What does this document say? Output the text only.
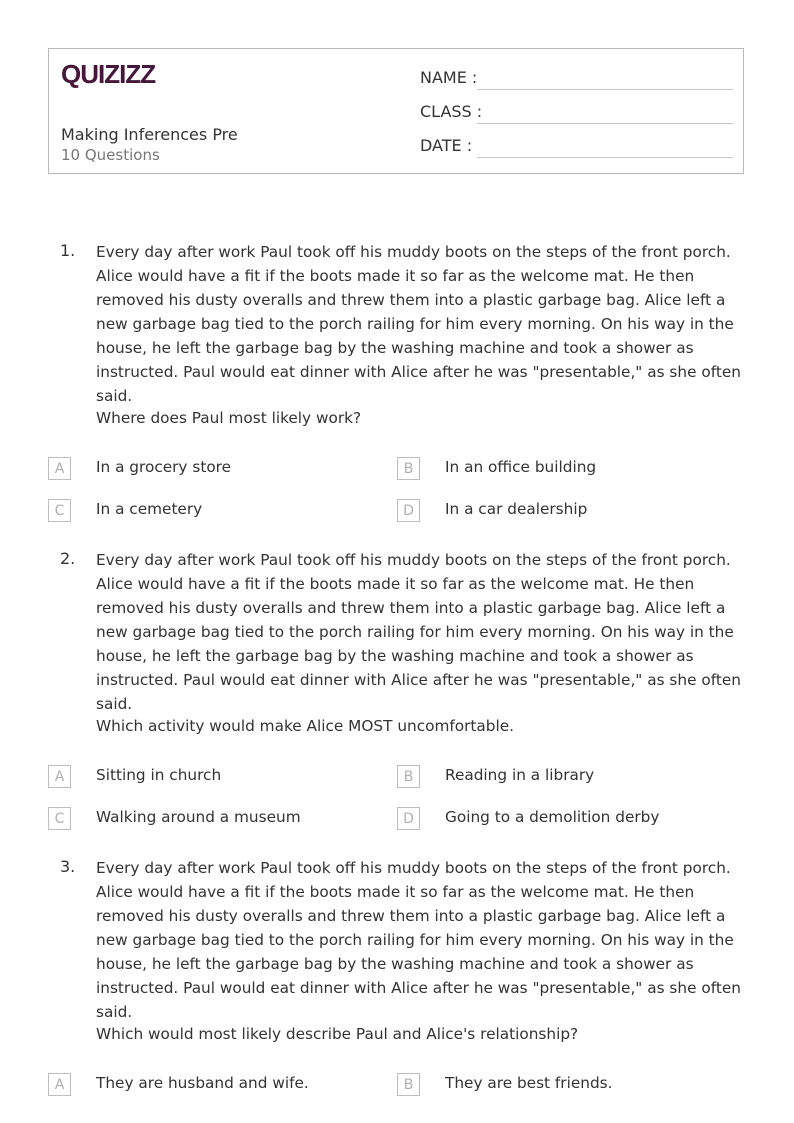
QUIZIZZ
Making Inferences Pre
10 Questions
NAME :
CLASS :
DATE :
1. Every day after work Paul took off his muddy boots on the steps of the front porch. Alice would have a fit if the boots made it so far as the welcome mat. He then removed his dusty overalls and threw them into a plastic garbage bag. Alice left a new garbage bag tied to the porch railing for him every morning. On his way in the house, he left the garbage bag by the washing machine and took a shower as instructed. Paul would eat dinner with Alice after he was "presentable," as she often said.
Where does Paul most likely work?
A	In a grocery store	B	In an office building
C	In a cemetery	D	In a car dealership
2. Every day after work Paul took off his muddy boots on the steps of the front porch. Alice would have a fit if the boots made it so far as the welcome mat. He then removed his dusty overalls and threw them into a plastic garbage bag. Alice left a new garbage bag tied to the porch railing for him every morning. On his way in the house, he left the garbage bag by the washing machine and took a shower as instructed. Paul would eat dinner with Alice after he was "presentable," as she often said.
Which activity would make Alice MOST uncomfortable.
A	Sitting in church	B	Reading in a library
C	Walking around a museum	D	Going to a demolition derby
3. Every day after work Paul took off his muddy boots on the steps of the front porch. Alice would have a fit if the boots made it so far as the welcome mat. He then removed his dusty overalls and threw them into a plastic garbage bag. Alice left a new garbage bag tied to the porch railing for him every morning. On his way in the house, he left the garbage bag by the washing machine and took a shower as instructed. Paul would eat dinner with Alice after he was "presentable," as she often said.
Which would most likely describe Paul and Alice's relationship?
A	They are husband and wife.	B	They are best friends.
